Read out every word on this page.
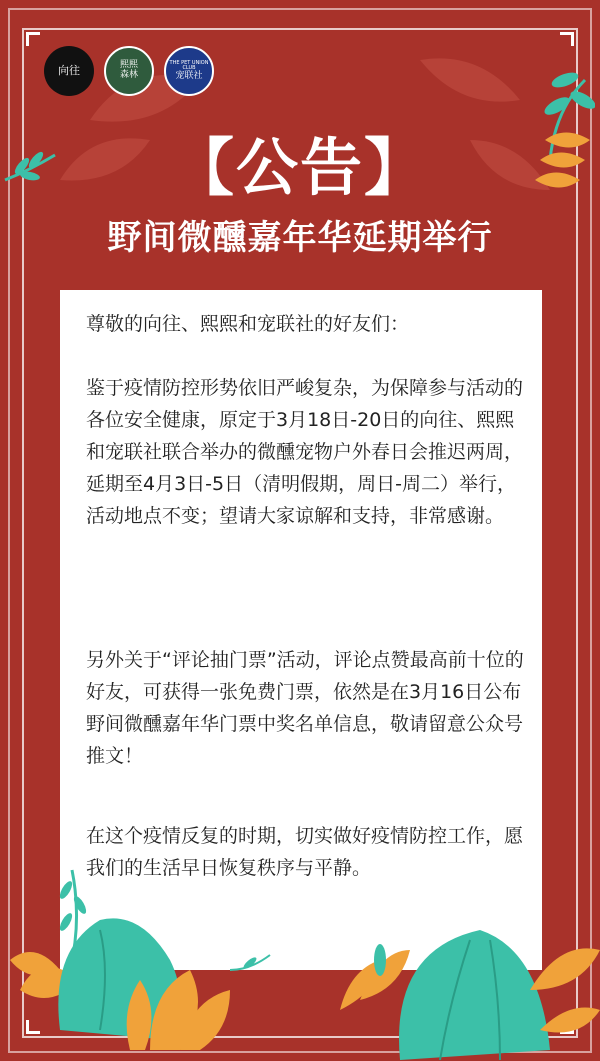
向往	熙熙
森林
THE PET UNION CLUB
宠联社
【公告】
野间微醺嘉年华延期举行

尊敬的向往、熙熙和宠联社的好友们：

鉴于疫情防控形势依旧严峻复杂，为保障参与活动的各位安全健康，原定于3月18日-20日的向往、熙熙和宠联社联合举办的微醺宠物户外春日会推迟两周，延期至4月3日-5日（清明假期，周日-周二）举行，活动地点不变；望请大家谅解和支持，非常感谢。

另外关于“评论抽门票”活动，评论点赞最高前十位的好友，可获得一张免费门票，依然是在3月16日公布野间微醺嘉年华门票中奖名单信息，敬请留意公众号推文！

在这个疫情反复的时期，切实做好疫情防控工作，愿我们的生活早日恢复秩序与平静。
